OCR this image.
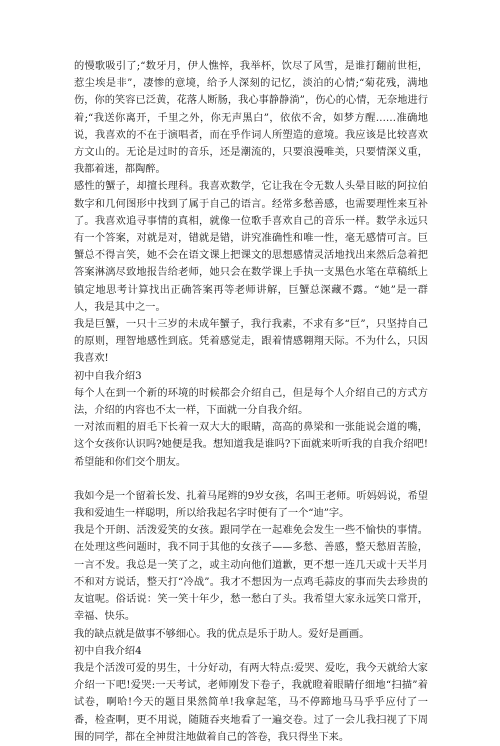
的慢歌吸引了;“数牙月，伊人憔悴，我举杯，饮尽了风雪，是谁打翻前世柜，惹尘埃是非”，凄惨的意境，给予人深刻的记忆，淡泊的心情;“菊花残，满地伤，你的笑容已泛黄，花落人断肠，我心事静静淌”，伤心的心情，无奈地进行着;“我送你离开，千里之外，你无声黑白”，依依不舍，如梦方醒……准确地说，我喜欢的不在于演唱者，而在乎作词人所塑造的意境。我应该是比较喜欢方文山的。无论是过时的音乐，还是潮流的，只要浪漫唯美，只要情深义重，我都着迷，都陶醉。
感性的蟹子，却擅长理科。我喜欢数学，它让我在令无数人头晕目眩的阿拉伯数字和几何图形中找到了属于自己的语言。经常多愁善感，也需要理性来互补了。我喜欢追寻事情的真相，就像一位歌手喜欢自己的音乐一样。数学永远只有一个答案，对就是对，错就是错，讲究准确性和唯一性，毫无感情可言。巨蟹总不得言笑，她不会在语文课上把课文的思想感情灵活地找出来然后急着把答案淋漓尽致地报告给老师，她只会在数学课上手执一支黑色水笔在草稿纸上镇定地思考计算找出正确答案再等老师讲解，巨蟹总深藏不露。“她”是一群人，我是其中之一。
我是巨蟹，一只十三岁的未成年蟹子，我行我素，不求有多“巨”，只坚持自己的原则，理智地感性到底。凭着感觉走，跟着情感翱翔天际。不为什么，只因我喜欢!
初中自我介绍3
每个人在到一个新的环境的时候都会介绍自己，但是每个人介绍自己的方式方法，介绍的内容也不太一样，下面就一分自我介绍。
一对浓而粗的眉毛下长着一双大大的眼睛，高高的鼻梁和一张能说会道的嘴，这个女孩你认识吗?她便是我。想知道我是谁吗?下面就来听听我的自我介绍吧!希望能和你们交个朋友。
我如今是一个留着长发、扎着马尾辫的9岁女孩，名叫王老师。听妈妈说，希望我和爱迪生一样聪明，所以给我起名字时便有了一个“迪”字。
我是个开朗、活泼爱笑的女孩。跟同学在一起难免会发生一些不愉快的事情。在处理这些问题时，我不同于其他的女孩子——多愁、善感，整天愁眉苦脸，一言不发。我总是一笑了之，或主动向他们道歉，更不想一连几天或十天半月不和对方说话，整天打“冷战”。我才不想因为一点鸡毛蒜皮的事而失去珍贵的友谊呢。俗话说：笑一笑十年少，愁一愁白了头。我希望大家永远笑口常开，幸福、快乐。
我的缺点就是做事不够细心。我的优点是乐于助人。爱好是画画。
初中自我介绍4
我是个活泼可爱的男生，十分好动，有两大特点:爱哭、爱吃，我今天就给大家介绍一下吧!爱哭:一天考试，老师刚发下卷子，我就瞪着眼睛仔细地“扫描”着试卷，啊哈!今天的题目果然简单!我拿起笔，马不停蹄地马马乎乎应付了一番，检查啊，更不用说，随随吞夹地看了一遍交卷。过了一会儿我扫视了下周围的同学，都在全神贯注地做着自己的答卷，我只得坐下来。
